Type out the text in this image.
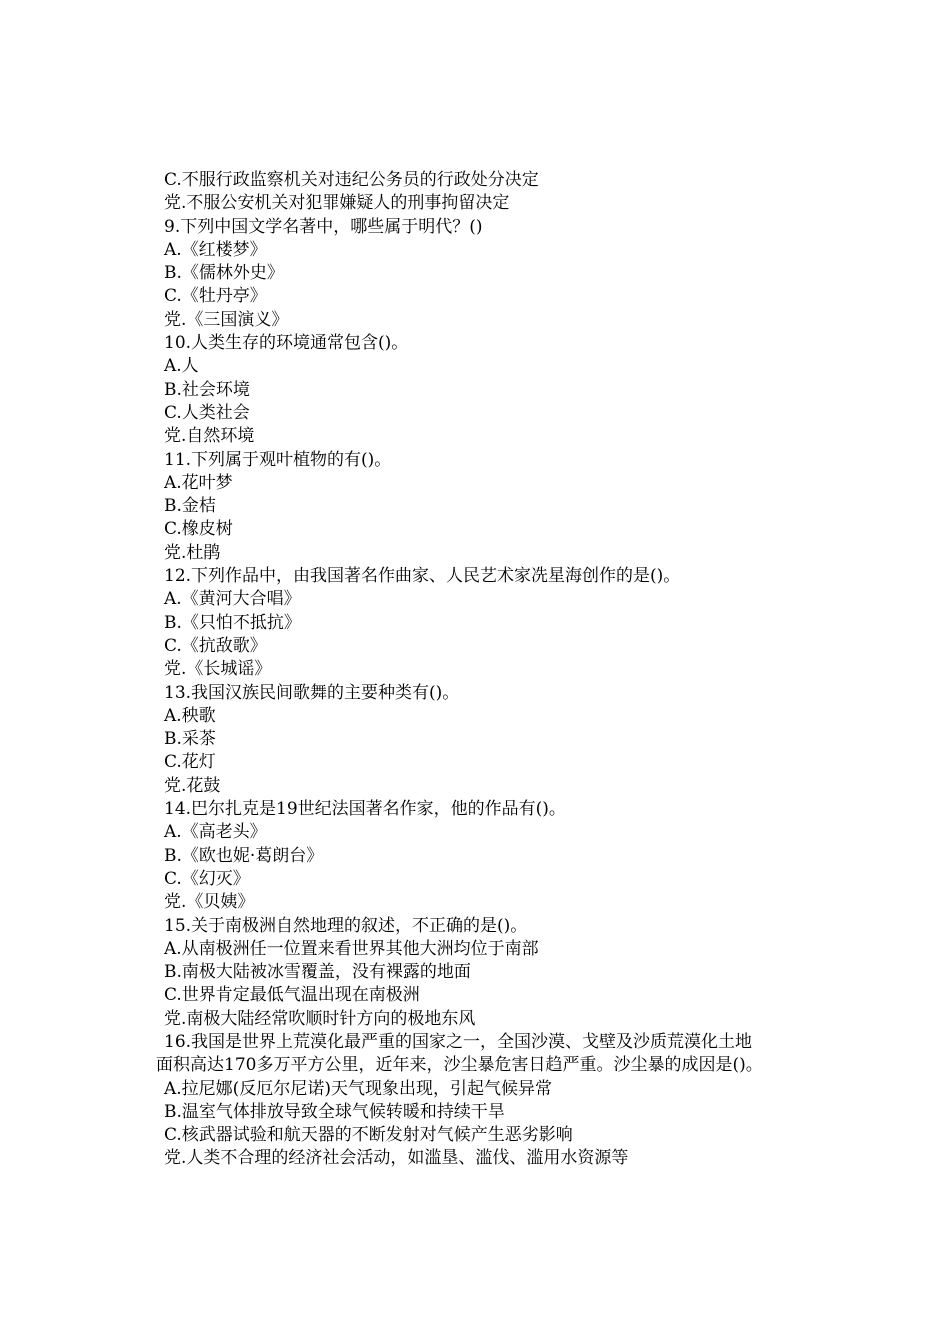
C.不服行政监察机关对违纪公务员的行政处分决定
党.不服公安机关对犯罪嫌疑人的刑事拘留决定
9.下列中国文学名著中，哪些属于明代？()
A.《红楼梦》
B.《儒林外史》
C.《牡丹亭》
党.《三国演义》
10.人类生存的环境通常包含()。
A.人
B.社会环境
C.人类社会
党.自然环境
11.下列属于观叶植物的有()。
A.花叶梦
B.金桔
C.橡皮树
党.杜鹃
12.下列作品中，由我国著名作曲家、人民艺术家冼星海创作的是()。
A.《黄河大合唱》
B.《只怕不抵抗》
C.《抗敌歌》
党.《长城谣》
13.我国汉族民间歌舞的主要种类有()。
A.秧歌
B.采茶
C.花灯
党.花鼓
14.巴尔扎克是19世纪法国著名作家，他的作品有()。
A.《高老头》
B.《欧也妮·葛朗台》
C.《幻灭》
党.《贝姨》
15.关于南极洲自然地理的叙述，不正确的是()。
A.从南极洲任一位置来看世界其他大洲均位于南部
B.南极大陆被冰雪覆盖，没有裸露的地面
C.世界肯定最低气温出现在南极洲
党.南极大陆经常吹顺时针方向的极地东风
16.我国是世界上荒漠化最严重的国家之一，全国沙漠、戈壁及沙质荒漠化土地
面积高达170多万平方公里，近年来，沙尘暴危害日趋严重。沙尘暴的成因是()。
A.拉尼娜(反厄尔尼诺)天气现象出现，引起气候异常
B.温室气体排放导致全球气候转暖和持续干旱
C.核武器试验和航天器的不断发射对气候产生恶劣影响
党.人类不合理的经济社会活动，如滥垦、滥伐、滥用水资源等
